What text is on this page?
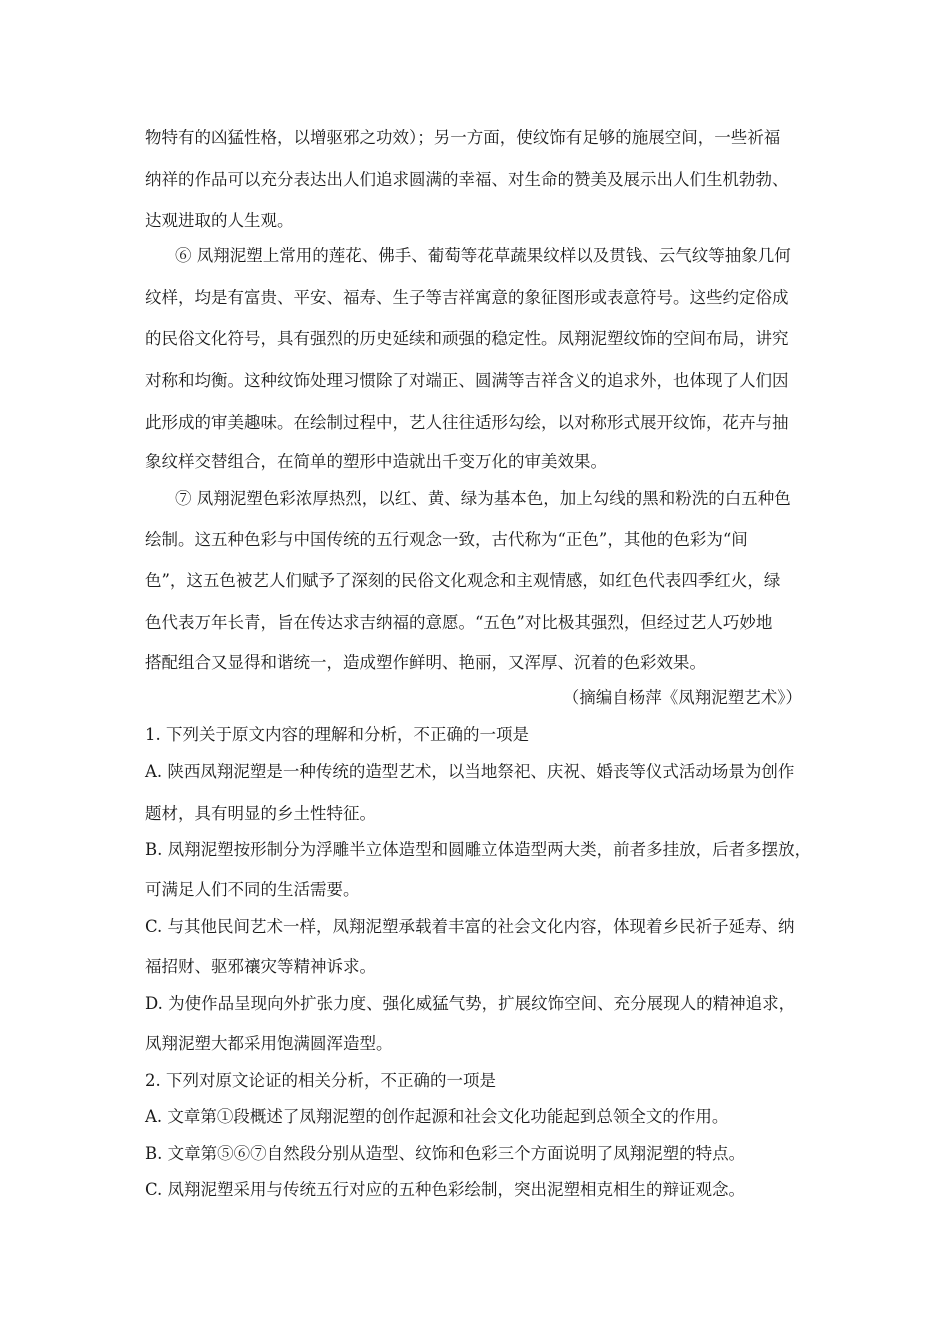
物特有的凶猛性格，以增驱邪之功效）；另一方面，使纹饰有足够的施展空间，一些祈福
纳祥的作品可以充分表达出人们追求圆满的幸福、对生命的赞美及展示出人们生机勃勃、
达观进取的人生观。
⑥ 凤翔泥塑上常用的莲花、佛手、葡萄等花草蔬果纹样以及贯钱、云气纹等抽象几何
纹样，均是有富贵、平安、福寿、生子等吉祥寓意的象征图形或表意符号。这些约定俗成
的民俗文化符号，具有强烈的历史延续和顽强的稳定性。凤翔泥塑纹饰的空间布局，讲究
对称和均衡。这种纹饰处理习惯除了对端正、圆满等吉祥含义的追求外，也体现了人们因
此形成的审美趣味。在绘制过程中，艺人往往适形勾绘，以对称形式展开纹饰，花卉与抽
象纹样交替组合，在简单的塑形中造就出千变万化的审美效果。
⑦ 凤翔泥塑色彩浓厚热烈，以红、黄、绿为基本色，加上勾线的黑和粉洗的白五种色
绘制。这五种色彩与中国传统的五行观念一致，古代称为“正色”，其他的色彩为“间
色”，这五色被艺人们赋予了深刻的民俗文化观念和主观情感，如红色代表四季红火，绿
色代表万年长青，旨在传达求吉纳福的意愿。“五色”对比极其强烈，但经过艺人巧妙地
搭配组合又显得和谐统一，造成塑作鲜明、艳丽，又浑厚、沉着的色彩效果。
（摘编自杨萍《凤翔泥塑艺术》）
1. 下列关于原文内容的理解和分析，不正确的一项是
A. 陕西凤翔泥塑是一种传统的造型艺术，以当地祭祀、庆祝、婚丧等仪式活动场景为创作
题材，具有明显的乡土性特征。
B. 凤翔泥塑按形制分为浮雕半立体造型和圆雕立体造型两大类，前者多挂放，后者多摆放，
可满足人们不同的生活需要。
C. 与其他民间艺术一样，凤翔泥塑承载着丰富的社会文化内容，体现着乡民祈子延寿、纳
福招财、驱邪禳灾等精神诉求。
D. 为使作品呈现向外扩张力度、强化威猛气势，扩展纹饰空间、充分展现人的精神追求，
凤翔泥塑大都采用饱满圆浑造型。
2. 下列对原文论证的相关分析，不正确的一项是
A. 文章第①段概述了凤翔泥塑的创作起源和社会文化功能起到总领全文的作用。
B. 文章第⑤⑥⑦自然段分别从造型、纹饰和色彩三个方面说明了凤翔泥塑的特点。
C. 凤翔泥塑采用与传统五行对应的五种色彩绘制，突出泥塑相克相生的辩证观念。
